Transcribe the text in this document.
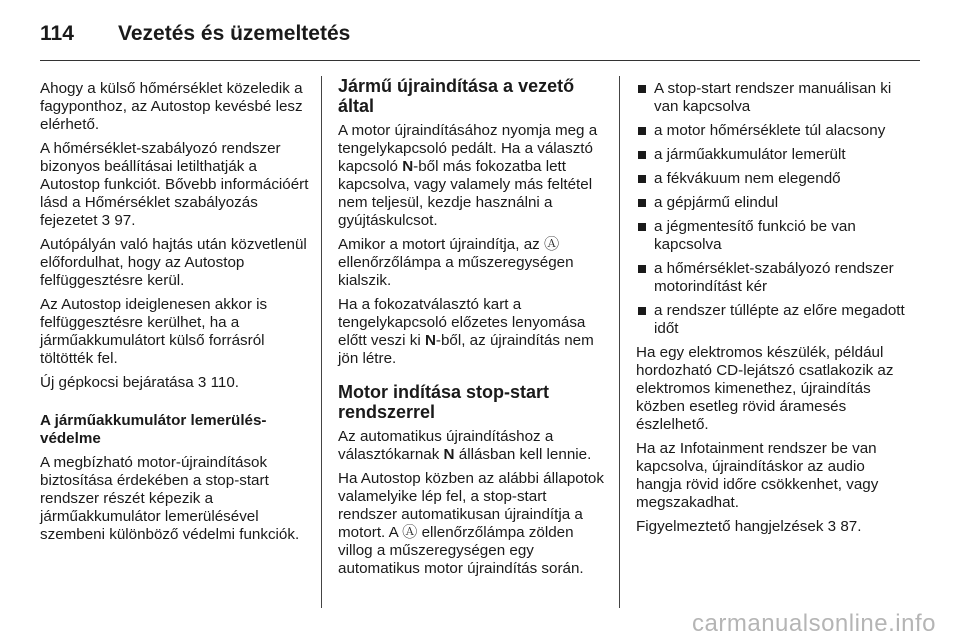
114	Vezetés és üzemeltetés

Ahogy a külső hőmérséklet közeledik a fagyponthoz, az Autostop kevésbé lesz elérhető.

A hőmérséklet-szabályozó rendszer bizonyos beállításai letilthatják a Autostop funkciót. Bővebb információért lásd a Hőmérséklet szabályozás fejezetet 3 97.

Autópályán való hajtás után közvetlenül előfordulhat, hogy az Autostop felfüggesztésre kerül.

Az Autostop ideiglenesen akkor is felfüggesztésre kerülhet, ha a járműakkumulátort külső forrásról töltötték fel.

Új gépkocsi bejáratása 3 110.

A járműakkumulátor lemerülés-védelme

A megbízható motor-újraindítások biztosítása érdekében a stop-start rendszer részét képezik a járműakkumulátor lemerülésével szembeni különböző védelmi funkciók.

Jármű újraindítása a vezető által

A motor újraindításához nyomja meg a tengelykapcsoló pedált. Ha a választó kapcsoló N-ből más fokozatba lett kapcsolva, vagy valamely más feltétel nem teljesül, kezdje használni a gyújtáskulcsot.

Amikor a motort újraindítja, az Ⓐ ellenőrzőlámpa a műszeregységen kialszik.

Ha a fokozatválasztó kart a tengelykapcsoló előzetes lenyomása előtt veszi ki N-ből, az újraindítás nem jön létre.

Motor indítása stop-start rendszerrel

Az automatikus újraindításhoz a választókarnak N állásban kell lennie.

Ha Autostop közben az alábbi állapotok valamelyike lép fel, a stop-start rendszer automatikusan újraindítja a motort. A Ⓐ ellenőrzőlámpa zölden villog a műszeregységen egy automatikus motor újraindítás során.

A stop-start rendszer manuálisan ki van kapcsolva
a motor hőmérséklete túl alacsony
a járműakkumulátor lemerült
a fékvákuum nem elegendő
a gépjármű elindul
a jégmentesítő funkció be van kapcsolva
a hőmérséklet-szabályozó rendszer motorindítást kér
a rendszer túllépte az előre megadott időt

Ha egy elektromos készülék, például hordozható CD-lejátszó csatlakozik az elektromos kimenethez, újraindítás közben esetleg rövid áramesés észlelhető.

Ha az Infotainment rendszer be van kapcsolva, újraindításkor az audio hangja rövid időre csökkenhet, vagy megszakadhat.

Figyelmeztető hangjelzések 3 87.

carmanualsonline.info
